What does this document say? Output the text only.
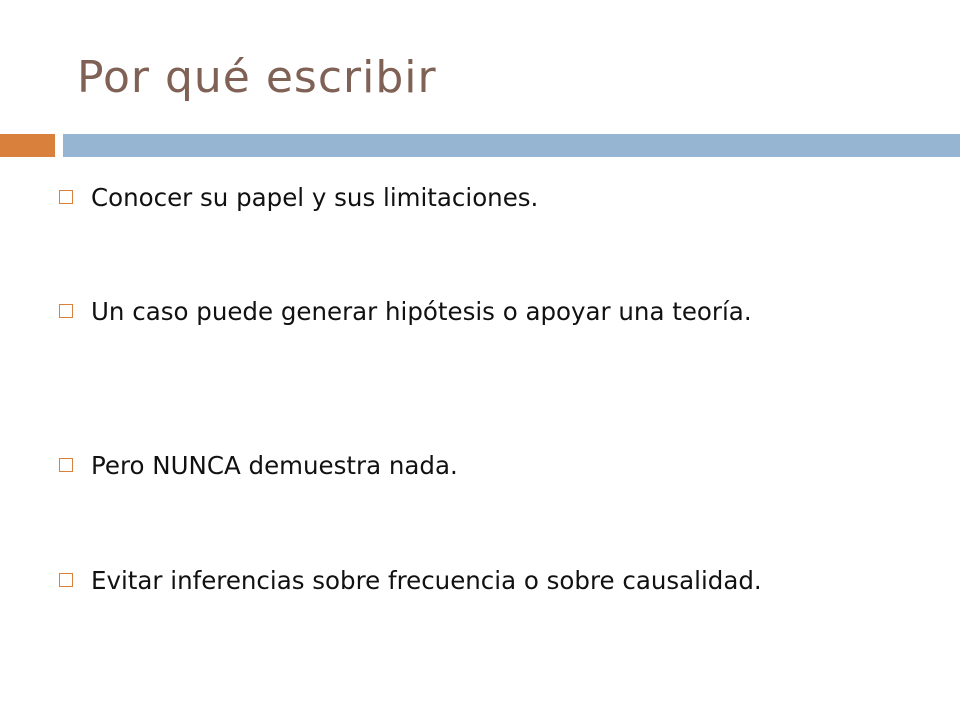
Por qué escribir
Conocer su papel y sus limitaciones.
Un caso puede generar hipótesis o apoyar una teoría.
Pero NUNCA demuestra nada.
Evitar inferencias sobre frecuencia o sobre causalidad.
